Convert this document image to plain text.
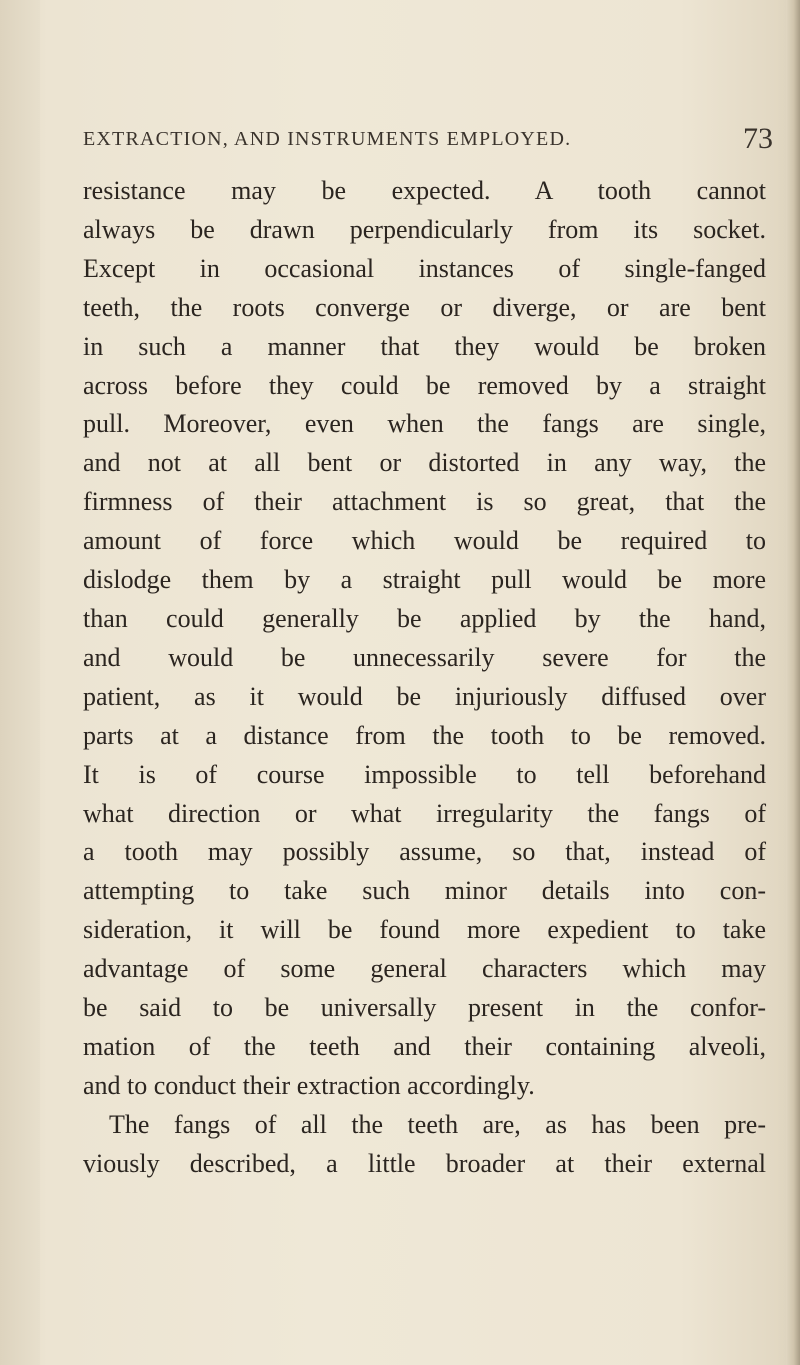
EXTRACTION, AND INSTRUMENTS EMPLOYED.	73
resistance may be expected. A tooth cannot
always be drawn perpendicularly from its socket.
Except in occasional instances of single-fanged
teeth, the roots converge or diverge, or are bent
in such a manner that they would be broken
across before they could be removed by a straight
pull. Moreover, even when the fangs are single,
and not at all bent or distorted in any way, the
firmness of their attachment is so great, that the
amount of force which would be required to
dislodge them by a straight pull would be more
than could generally be applied by the hand,
and would be unnecessarily severe for the
patient, as it would be injuriously diffused over
parts at a distance from the tooth to be removed.
It is of course impossible to tell beforehand
what direction or what irregularity the fangs of
a tooth may possibly assume, so that, instead of
attempting to take such minor details into con-
sideration, it will be found more expedient to take
advantage of some general characters which may
be said to be universally present in the confor-
mation of the teeth and their containing alveoli,
and to conduct their extraction accordingly.
The fangs of all the teeth are, as has been pre-
viously described, a little broader at their external
